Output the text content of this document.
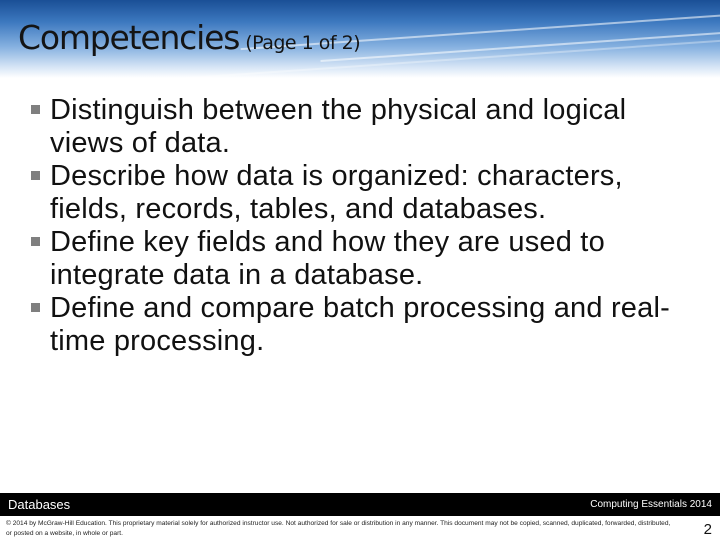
Competencies (Page 1 of 2)
Distinguish between the physical and logical views of data.
Describe how data is organized: characters, fields, records, tables, and databases.
Define key fields and how they are used to integrate data in a database.
Define and compare batch processing and real-time processing.
Databases	Computing Essentials 2014
© 2014 by McGraw-Hill Education. This proprietary material solely for authorized instructor use. Not authorized for sale or distribution in any manner. This document may not be copied, scanned, duplicated, forwarded, distributed, or posted on a website, in whole or part.	2
